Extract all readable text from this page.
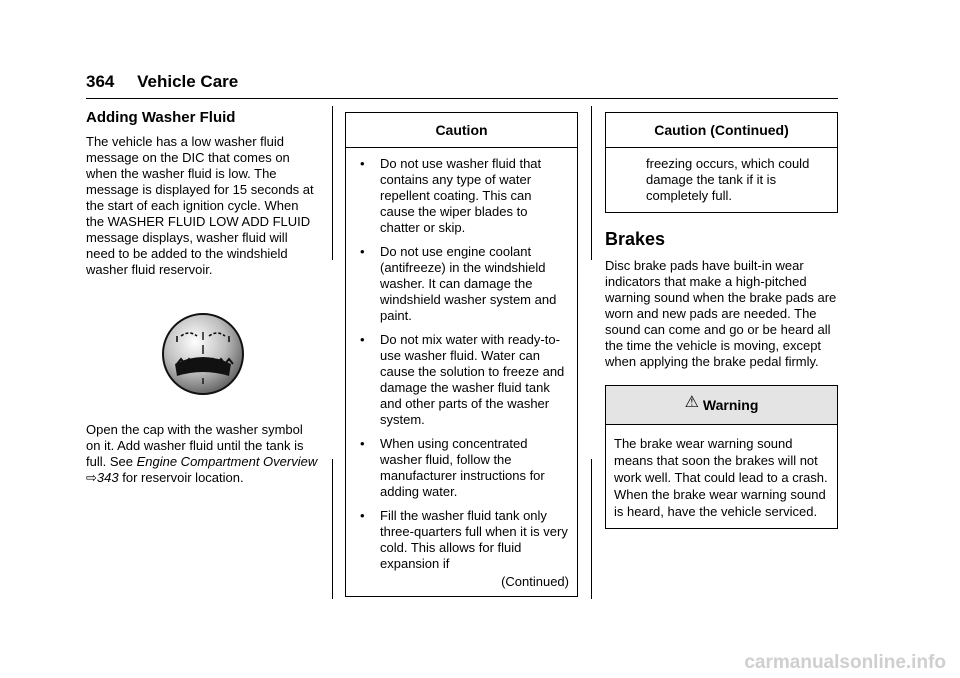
364 Vehicle Care
Adding Washer Fluid

The vehicle has a low washer fluid message on the DIC that comes on when the washer fluid is low. The message is displayed for 15 seconds at the start of each ignition cycle. When the WASHER FLUID LOW ADD FLUID message displays, washer fluid will need to be added to the windshield washer fluid reservoir.

Open the cap with the washer symbol on it. Add washer fluid until the tank is full. See Engine Compartment Overview ⇨343 for reservoir location.

Caution
•	Do not use washer fluid that contains any type of water repellent coating. This can cause the wiper blades to chatter or skip.
•	Do not use engine coolant (antifreeze) in the windshield washer. It can damage the windshield washer system and paint.
•	Do not mix water with ready-to-use washer fluid. Water can cause the solution to freeze and damage the washer fluid tank and other parts of the washer system.
•	When using concentrated washer fluid, follow the manufacturer instructions for adding water.
•	Fill the washer fluid tank only three-quarters full when it is very cold. This allows for fluid expansion if
(Continued)
Caution (Continued)
freezing occurs, which could damage the tank if it is completely full.
Brakes

Disc brake pads have built-in wear indicators that make a high-pitched warning sound when the brake pads are worn and new pads are needed. The sound can come and go or be heard all the time the vehicle is moving, except when applying the brake pedal firmly.

⚠ Warning

The brake wear warning sound means that soon the brakes will not work well. That could lead to a crash. When the brake wear warning sound is heard, have the vehicle serviced.

carmanualsonline.info
